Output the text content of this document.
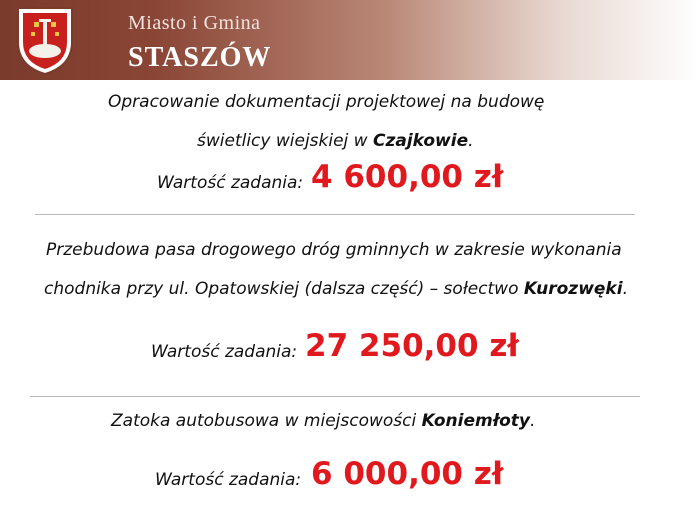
Miasto i Gmina
STASZÓW
Opracowanie dokumentacji projektowej na budowę
świetlicy wiejskiej w Czajkowie.
Wartość zadania: 4 600,00 zł
Przebudowa pasa drogowego dróg gminnych w zakresie wykonania
chodnika przy ul. Opatowskiej (dalsza część) – sołectwo Kurozwęki.
Wartość zadania: 27 250,00 zł
Zatoka autobusowa w miejscowości Koniemłoty.
Wartość zadania: 6 000,00 zł
